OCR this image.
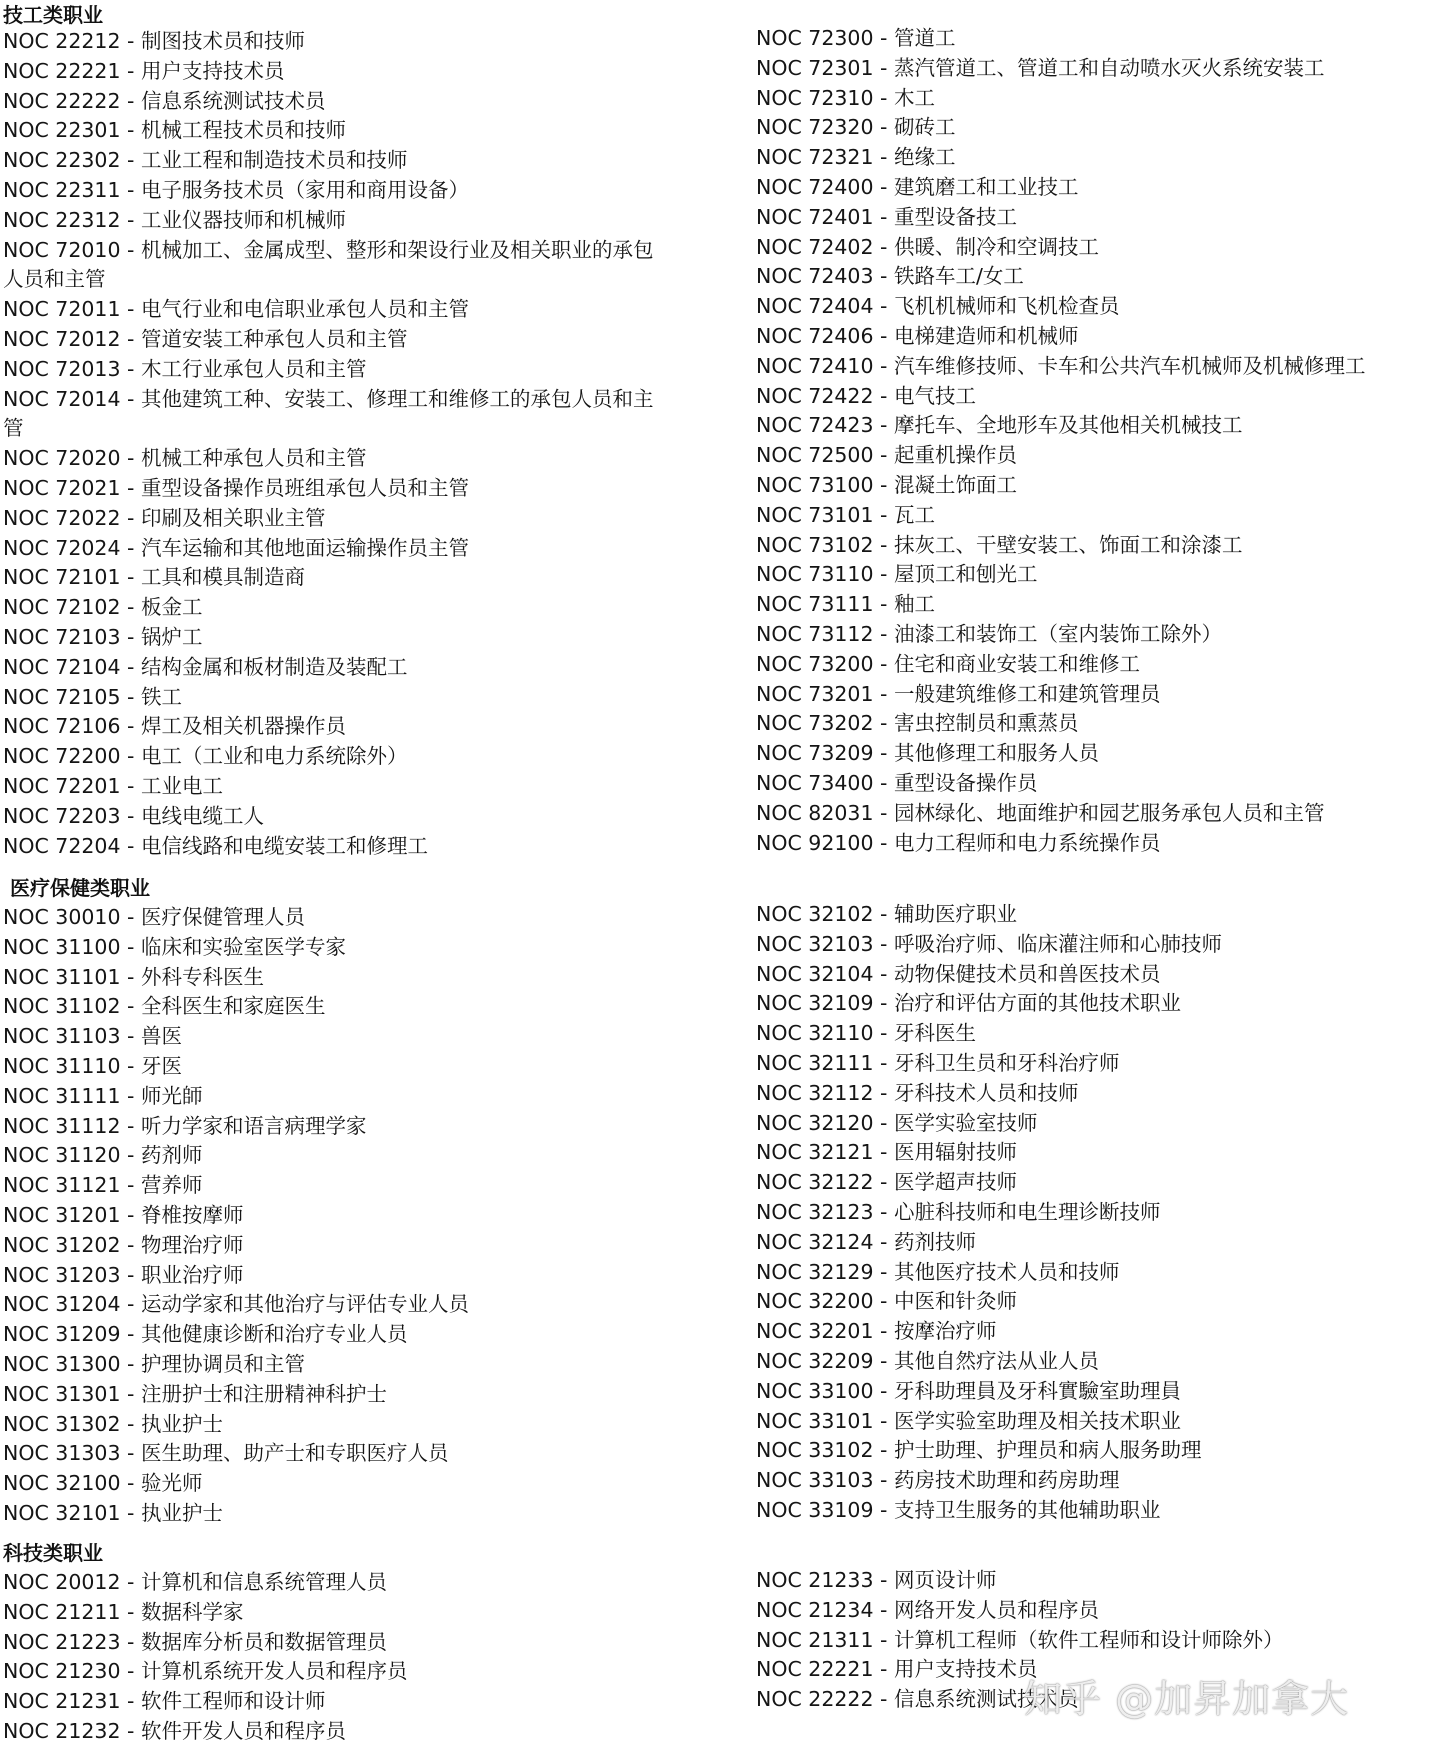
技工类职业
NOC 22212 - 制图技术员和技师
NOC 22221 - 用户支持技术员
NOC 22222 - 信息系统测试技术员
NOC 22301 - 机械工程技术员和技师
NOC 22302 - 工业工程和制造技术员和技师
NOC 22311 - 电子服务技术员（家用和商用设备）
NOC 22312 - 工业仪器技师和机械师
NOC 72010 - 机械加工、金属成型、整形和架设行业及相关职业的承包人员和主管
NOC 72011 - 电气行业和电信职业承包人员和主管
NOC 72012 - 管道安装工种承包人员和主管
NOC 72013 - 木工行业承包人员和主管
NOC 72014 - 其他建筑工种、安装工、修理工和维修工的承包人员和主管
NOC 72020 - 机械工种承包人员和主管
NOC 72021 - 重型设备操作员班组承包人员和主管
NOC 72022 - 印刷及相关职业主管
NOC 72024 - 汽车运输和其他地面运输操作员主管
NOC 72101 - 工具和模具制造商
NOC 72102 - 板金工
NOC 72103 - 锅炉工
NOC 72104 - 结构金属和板材制造及装配工
NOC 72105 - 铁工
NOC 72106 - 焊工及相关机器操作员
NOC 72200 - 电工（工业和电力系统除外）
NOC 72201 - 工业电工
NOC 72203 - 电线电缆工人
NOC 72204 - 电信线路和电缆安装工和修理工
NOC 72300 - 管道工
NOC 72301 - 蒸汽管道工、管道工和自动喷水灭火系统安装工
NOC 72310 - 木工
NOC 72320 - 砌砖工
NOC 72321 - 绝缘工
NOC 72400 - 建筑磨工和工业技工
NOC 72401 - 重型设备技工
NOC 72402 - 供暖、制冷和空调技工
NOC 72403 - 铁路车工/女工
NOC 72404 - 飞机机械师和飞机检查员
NOC 72406 - 电梯建造师和机械师
NOC 72410 - 汽车维修技师、卡车和公共汽车机械师及机械修理工
NOC 72422 - 电气技工
NOC 72423 - 摩托车、全地形车及其他相关机械技工
NOC 72500 - 起重机操作员
NOC 73100 - 混凝土饰面工
NOC 73101 - 瓦工
NOC 73102 - 抹灰工、干壁安装工、饰面工和涂漆工
NOC 73110 - 屋顶工和刨光工
NOC 73111 - 釉工
NOC 73112 - 油漆工和装饰工（室内装饰工除外）
NOC 73200 - 住宅和商业安装工和维修工
NOC 73201 - 一般建筑维修工和建筑管理员
NOC 73202 - 害虫控制员和熏蒸员
NOC 73209 - 其他修理工和服务人员
NOC 73400 - 重型设备操作员
NOC 82031 - 园林绿化、地面维护和园艺服务承包人员和主管
NOC 92100 - 电力工程师和电力系统操作员
医疗保健类职业
NOC 30010 - 医疗保健管理人员
NOC 31100 - 临床和实验室医学专家
NOC 31101 - 外科专科医生
NOC 31102 - 全科医生和家庭医生
NOC 31103 - 兽医
NOC 31110 - 牙医
NOC 31111 - 师光師
NOC 31112 - 听力学家和语言病理学家
NOC 31120 - 药剂师
NOC 31121 - 营养师
NOC 31201 - 脊椎按摩师
NOC 31202 - 物理治疗师
NOC 31203 - 职业治疗师
NOC 31204 - 运动学家和其他治疗与评估专业人员
NOC 31209 - 其他健康诊断和治疗专业人员
NOC 31300 - 护理协调员和主管
NOC 31301 - 注册护士和注册精神科护士
NOC 31302 - 执业护士
NOC 31303 - 医生助理、助产士和专职医疗人员
NOC 32100 - 验光师
NOC 32101 - 执业护士
NOC 32102 - 辅助医疗职业
NOC 32103 - 呼吸治疗师、临床灌注师和心肺技师
NOC 32104 - 动物保健技术员和兽医技术员
NOC 32109 - 治疗和评估方面的其他技术职业
NOC 32110 - 牙科医生
NOC 32111 - 牙科卫生员和牙科治疗师
NOC 32112 - 牙科技术人员和技师
NOC 32120 - 医学实验室技师
NOC 32121 - 医用辐射技师
NOC 32122 - 医学超声技师
NOC 32123 - 心脏科技师和电生理诊断技师
NOC 32124 - 药剂技师
NOC 32129 - 其他医疗技术人员和技师
NOC 32200 - 中医和针灸师
NOC 32201 - 按摩治疗师
NOC 32209 - 其他自然疗法从业人员
NOC 33100 - 牙科助理員及牙科實驗室助理員
NOC 33101 - 医学实验室助理及相关技术职业
NOC 33102 - 护士助理、护理员和病人服务助理
NOC 33103 - 药房技术助理和药房助理
NOC 33109 - 支持卫生服务的其他辅助职业
科技类职业
NOC 20012 - 计算机和信息系统管理人员
NOC 21211 - 数据科学家
NOC 21223 - 数据库分析员和数据管理员
NOC 21230 - 计算机系统开发人员和程序员
NOC 21231 - 软件工程师和设计师
NOC 21232 - 软件开发人员和程序员
NOC 21233 - 网页设计师
NOC 21234 - 网络开发人员和程序员
NOC 21311 - 计算机工程师（软件工程师和设计师除外）
NOC 22221 - 用户支持技术员
NOC 22222 - 信息系统测试技术员
知乎 @加昇加拿大
